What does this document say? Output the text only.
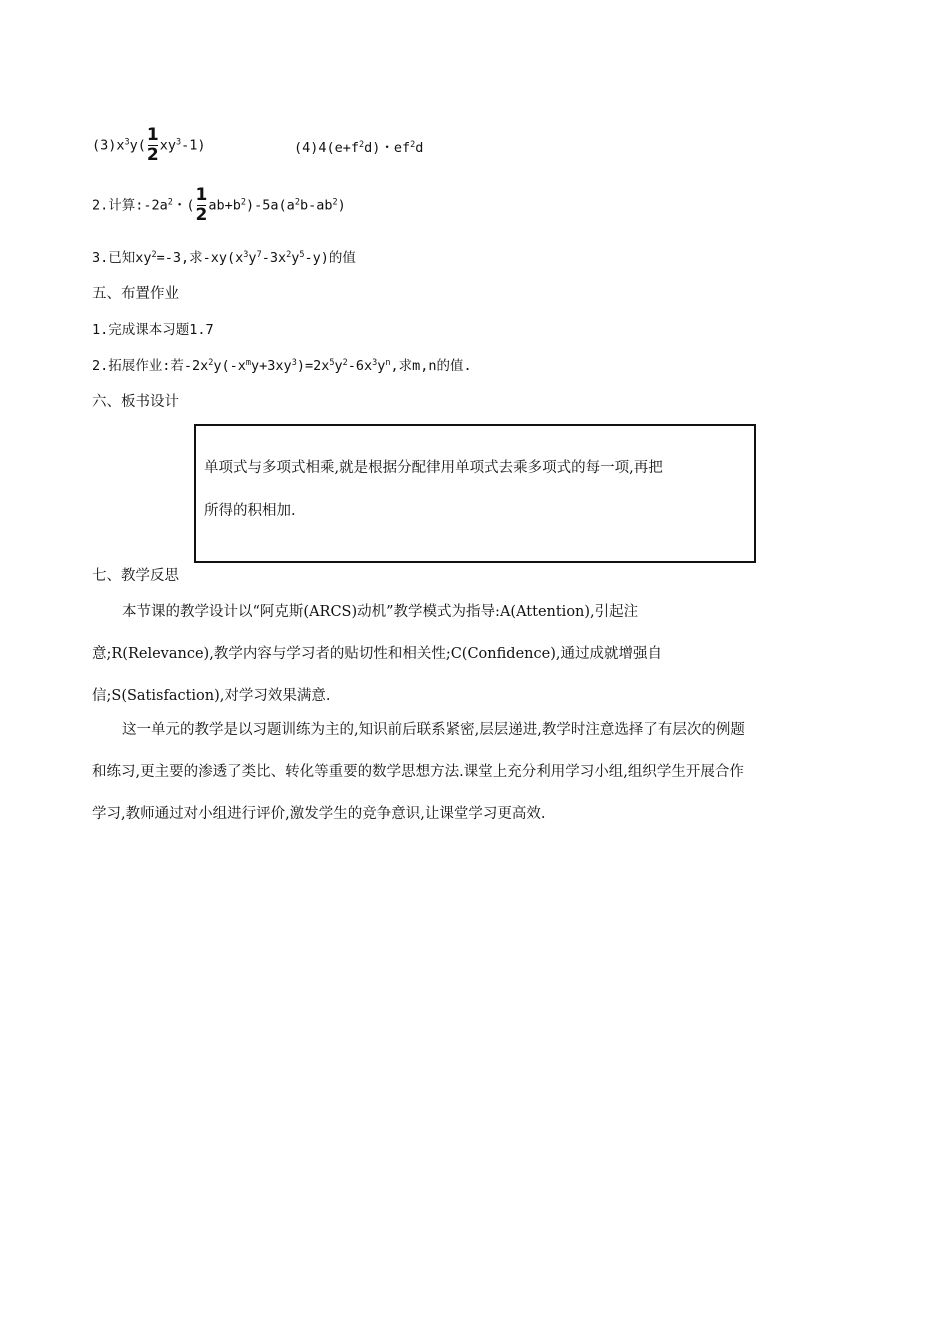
$(3)x^3y( \frac{1}{2} xy^3-1)$	$(4)4(e+f^2d)$・$ef^2d$
2.计算$:-2a^2$・( $\frac{1}{2} ab+b^2)-5a(a^2b-ab^2)$
3.已知$xy^2=-3$,求$-xy(x^3y^7-3x^2y^5-y)$的值
五、布置作业
1.完成课本习题1.7
2.拓展作业:若$-2x^2y(-x^my+3xy^3)=2x^5y^2-6x^3y^n$,求m,n的值.
六、板书设计
单项式与多项式相乘,就是根据分配律用单项式去乘多项式的每一项,再把
所得的积相加.
七、教学反思
本节课的教学设计以“阿克斯(ARCS)动机”教学模式为指导:A(Attention),引起注
意;R(Relevance),教学内容与学习者的贴切性和相关性;C(Confidence),通过成就增强自
信;S(Satisfaction),对学习效果满意.
这一单元的教学是以习题训练为主的,知识前后联系紧密,层层递进,教学时注意选择了有层次的例题
和练习,更主要的渗透了类比、转化等重要的数学思想方法.课堂上充分利用学习小组,组织学生开展合作
学习,教师通过对小组进行评价,激发学生的竞争意识,让课堂学习更高效.
